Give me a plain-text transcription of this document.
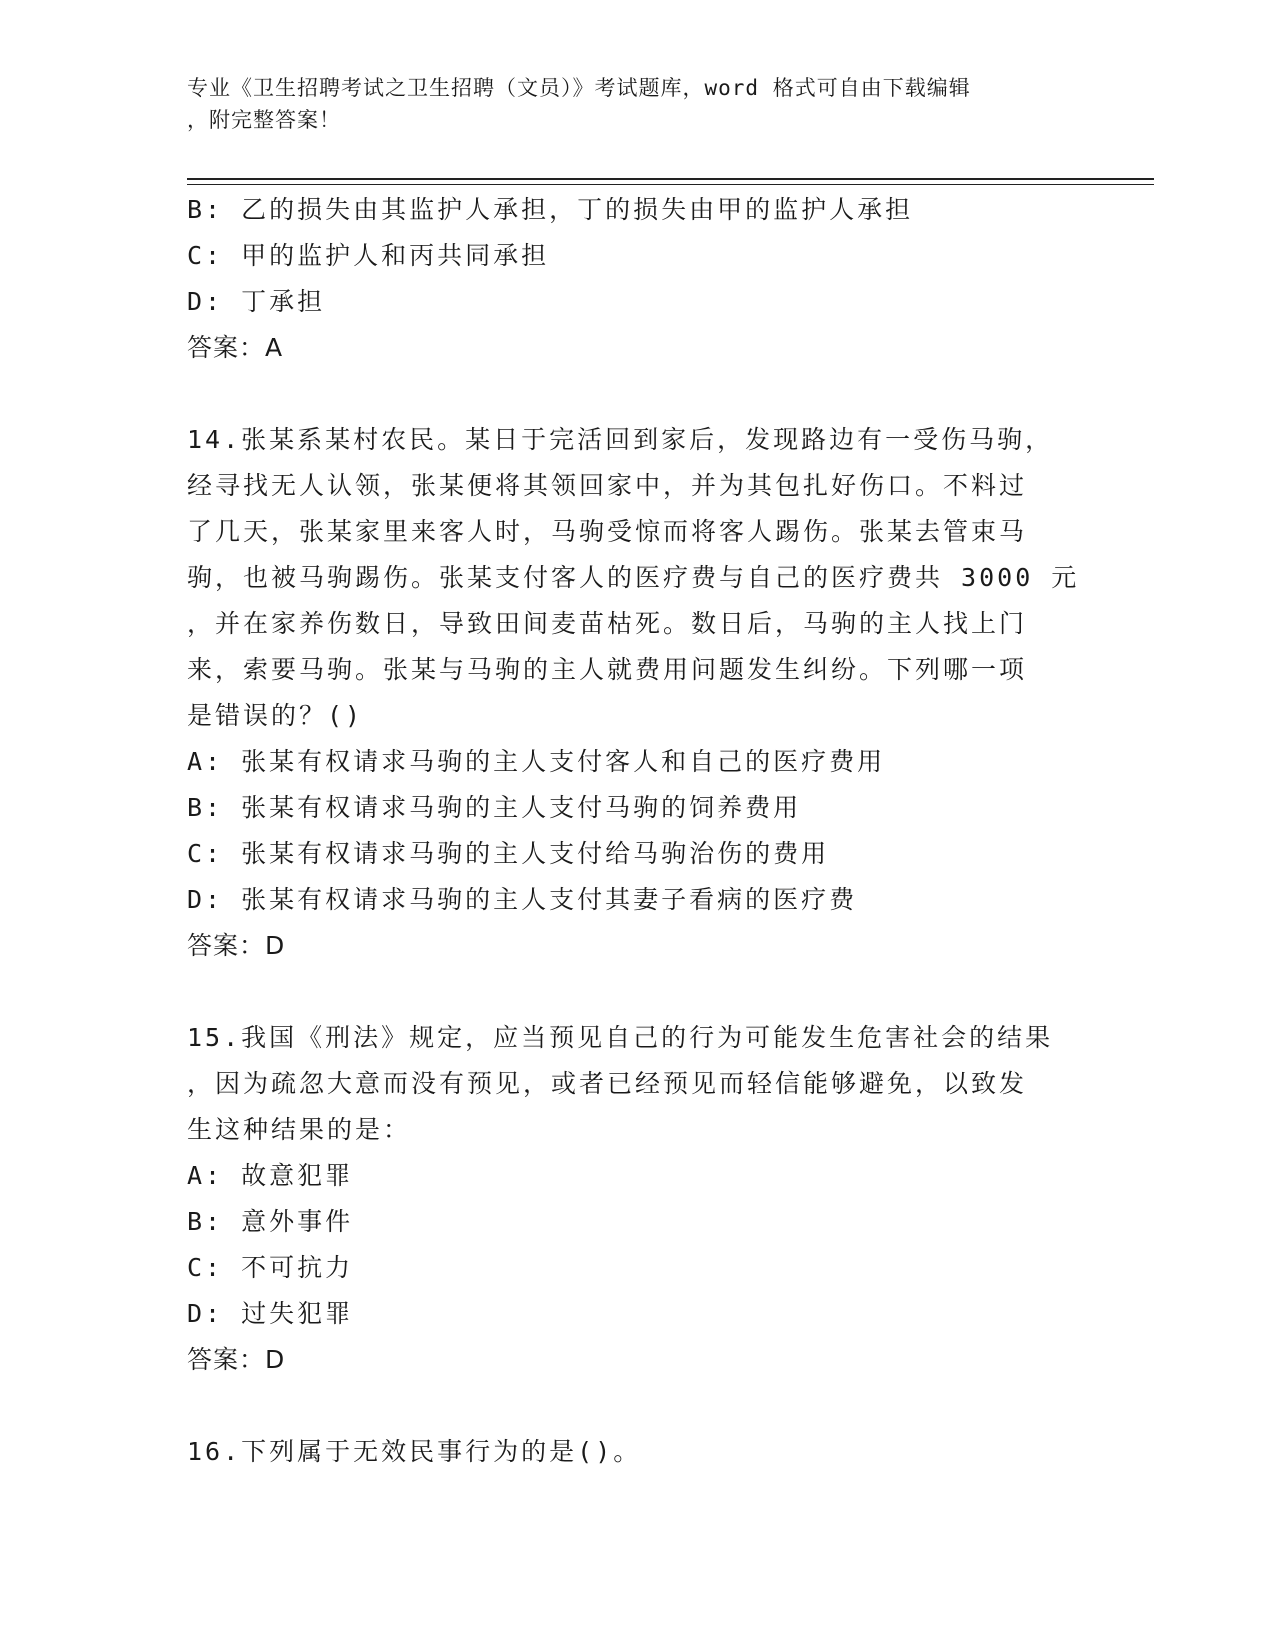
专业《卫生招聘考试之卫生招聘（文员）》考试题库，word 格式可自由下载编辑
，附完整答案！
B: 乙的损失由其监护人承担，丁的损失由甲的监护人承担
C: 甲的监护人和丙共同承担
D: 丁承担
答案：A
14.张某系某村农民。某日于完活回到家后，发现路边有一受伤马驹，
经寻找无人认领，张某便将其领回家中，并为其包扎好伤口。不料过
了几天，张某家里来客人时，马驹受惊而将客人踢伤。张某去管束马
驹，也被马驹踢伤。张某支付客人的医疗费与自己的医疗费共 3000 元
，并在家养伤数日，导致田间麦苗枯死。数日后，马驹的主人找上门
来，索要马驹。张某与马驹的主人就费用问题发生纠纷。下列哪一项
是错误的？()
A: 张某有权请求马驹的主人支付客人和自己的医疗费用
B: 张某有权请求马驹的主人支付马驹的饲养费用
C: 张某有权请求马驹的主人支付给马驹治伤的费用
D: 张某有权请求马驹的主人支付其妻子看病的医疗费
答案：D
15.我国《刑法》规定，应当预见自己的行为可能发生危害社会的结果
，因为疏忽大意而没有预见，或者已经预见而轻信能够避免，以致发
生这种结果的是：
A: 故意犯罪
B: 意外事件
C: 不可抗力
D: 过失犯罪
答案：D
16.下列属于无效民事行为的是()。
